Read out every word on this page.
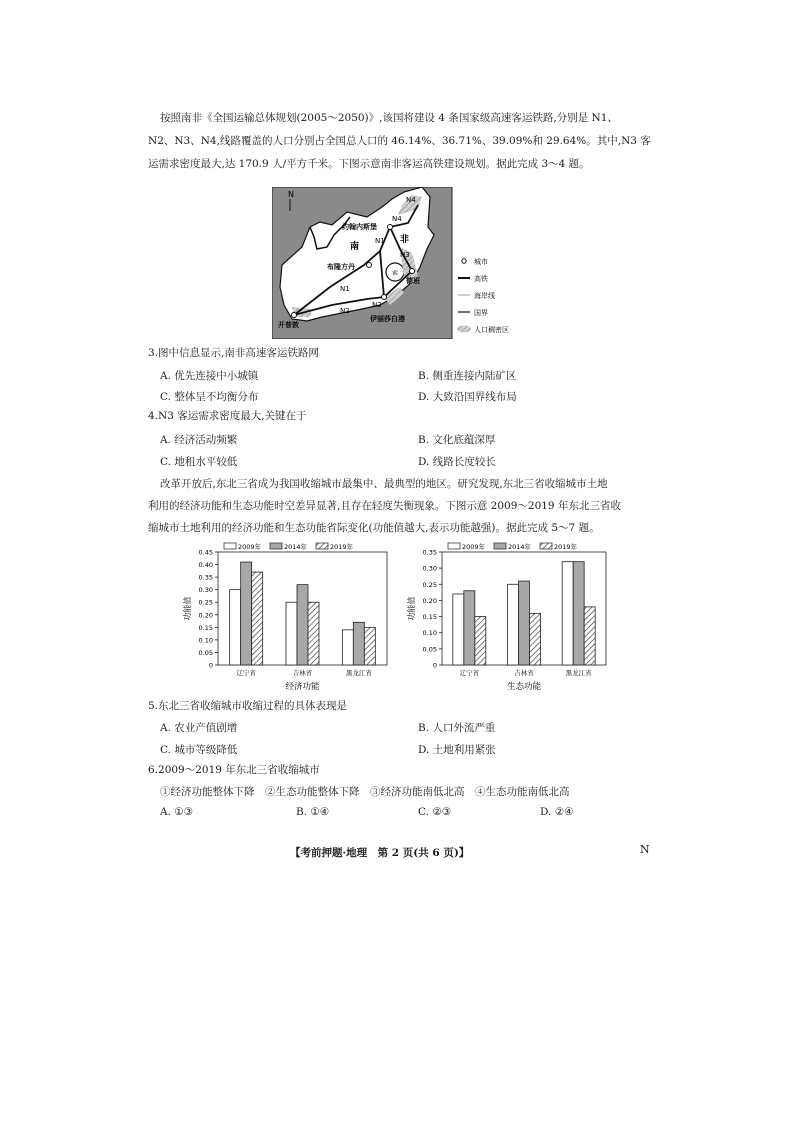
按照南非《全国运输总体规划(2005～2050)》,该国将建设 4 条国家级高速客运铁路,分别是 N1、
N2、N3、N4,线路覆盖的人口分别占全国总人口的 46.14%、36.71%、39.09%和 29.64%。其中,N3 客
运需求密度最大,达 170.9 人/平方千米。下图示意南非客运高铁建设规划。据此完成 3～4 题。
N
约翰内斯堡
布隆方丹
德班
开普敦
伊丽莎白港
南
非
N1
N1
N2
N2
N3
N4
N4
索
城市
高铁
海岸线
国界
人口稠密区
3.图中信息显示,南非高速客运铁路网
A. 优先连接中小城镇	B. 侧重连接内陆矿区
C. 整体呈不均衡分布	D. 大致沿国界线布局
4.N3 客运需求密度最大,关键在于
A. 经济活动频繁	B. 文化底蕴深厚
C. 地租水平较低	D. 线路长度较长
改革开放后,东北三省成为我国收缩城市最集中、最典型的地区。研究发现,东北三省收缩城市土地
利用的经济功能和生态功能时空差异显著,且存在轻度失衡现象。下图示意 2009～2019 年东北三省收
缩城市土地利用的经济功能和生态功能省际变化(功能值越大,表示功能越强)。据此完成 5～7 题。
0
0.05
0.10
0.15
0.20
0.25
0.30
0.35
0.40
0.45
功能值
辽宁省	吉林省	黑龙江省
2009年	2014年	2019年
经济功能
0
0.05
0.10
0.15
0.20
0.25
0.30
0.35
功能值
辽宁省	吉林省	黑龙江省
2009年	2014年	2019年
生态功能
5.东北三省收缩城市收缩过程的具体表现是
A. 农业产值剧增	B. 人口外流严重
C. 城市等级降低	D. 土地利用紧张
6.2009～2019 年东北三省收缩城市
①经济功能整体下降　②生态功能整体下降　③经济功能南低北高　④生态功能南低北高
A. ①③	B. ①④	C. ②③	D. ②④
【考前押题·地理　第 2 页(共 6 页)】	N
